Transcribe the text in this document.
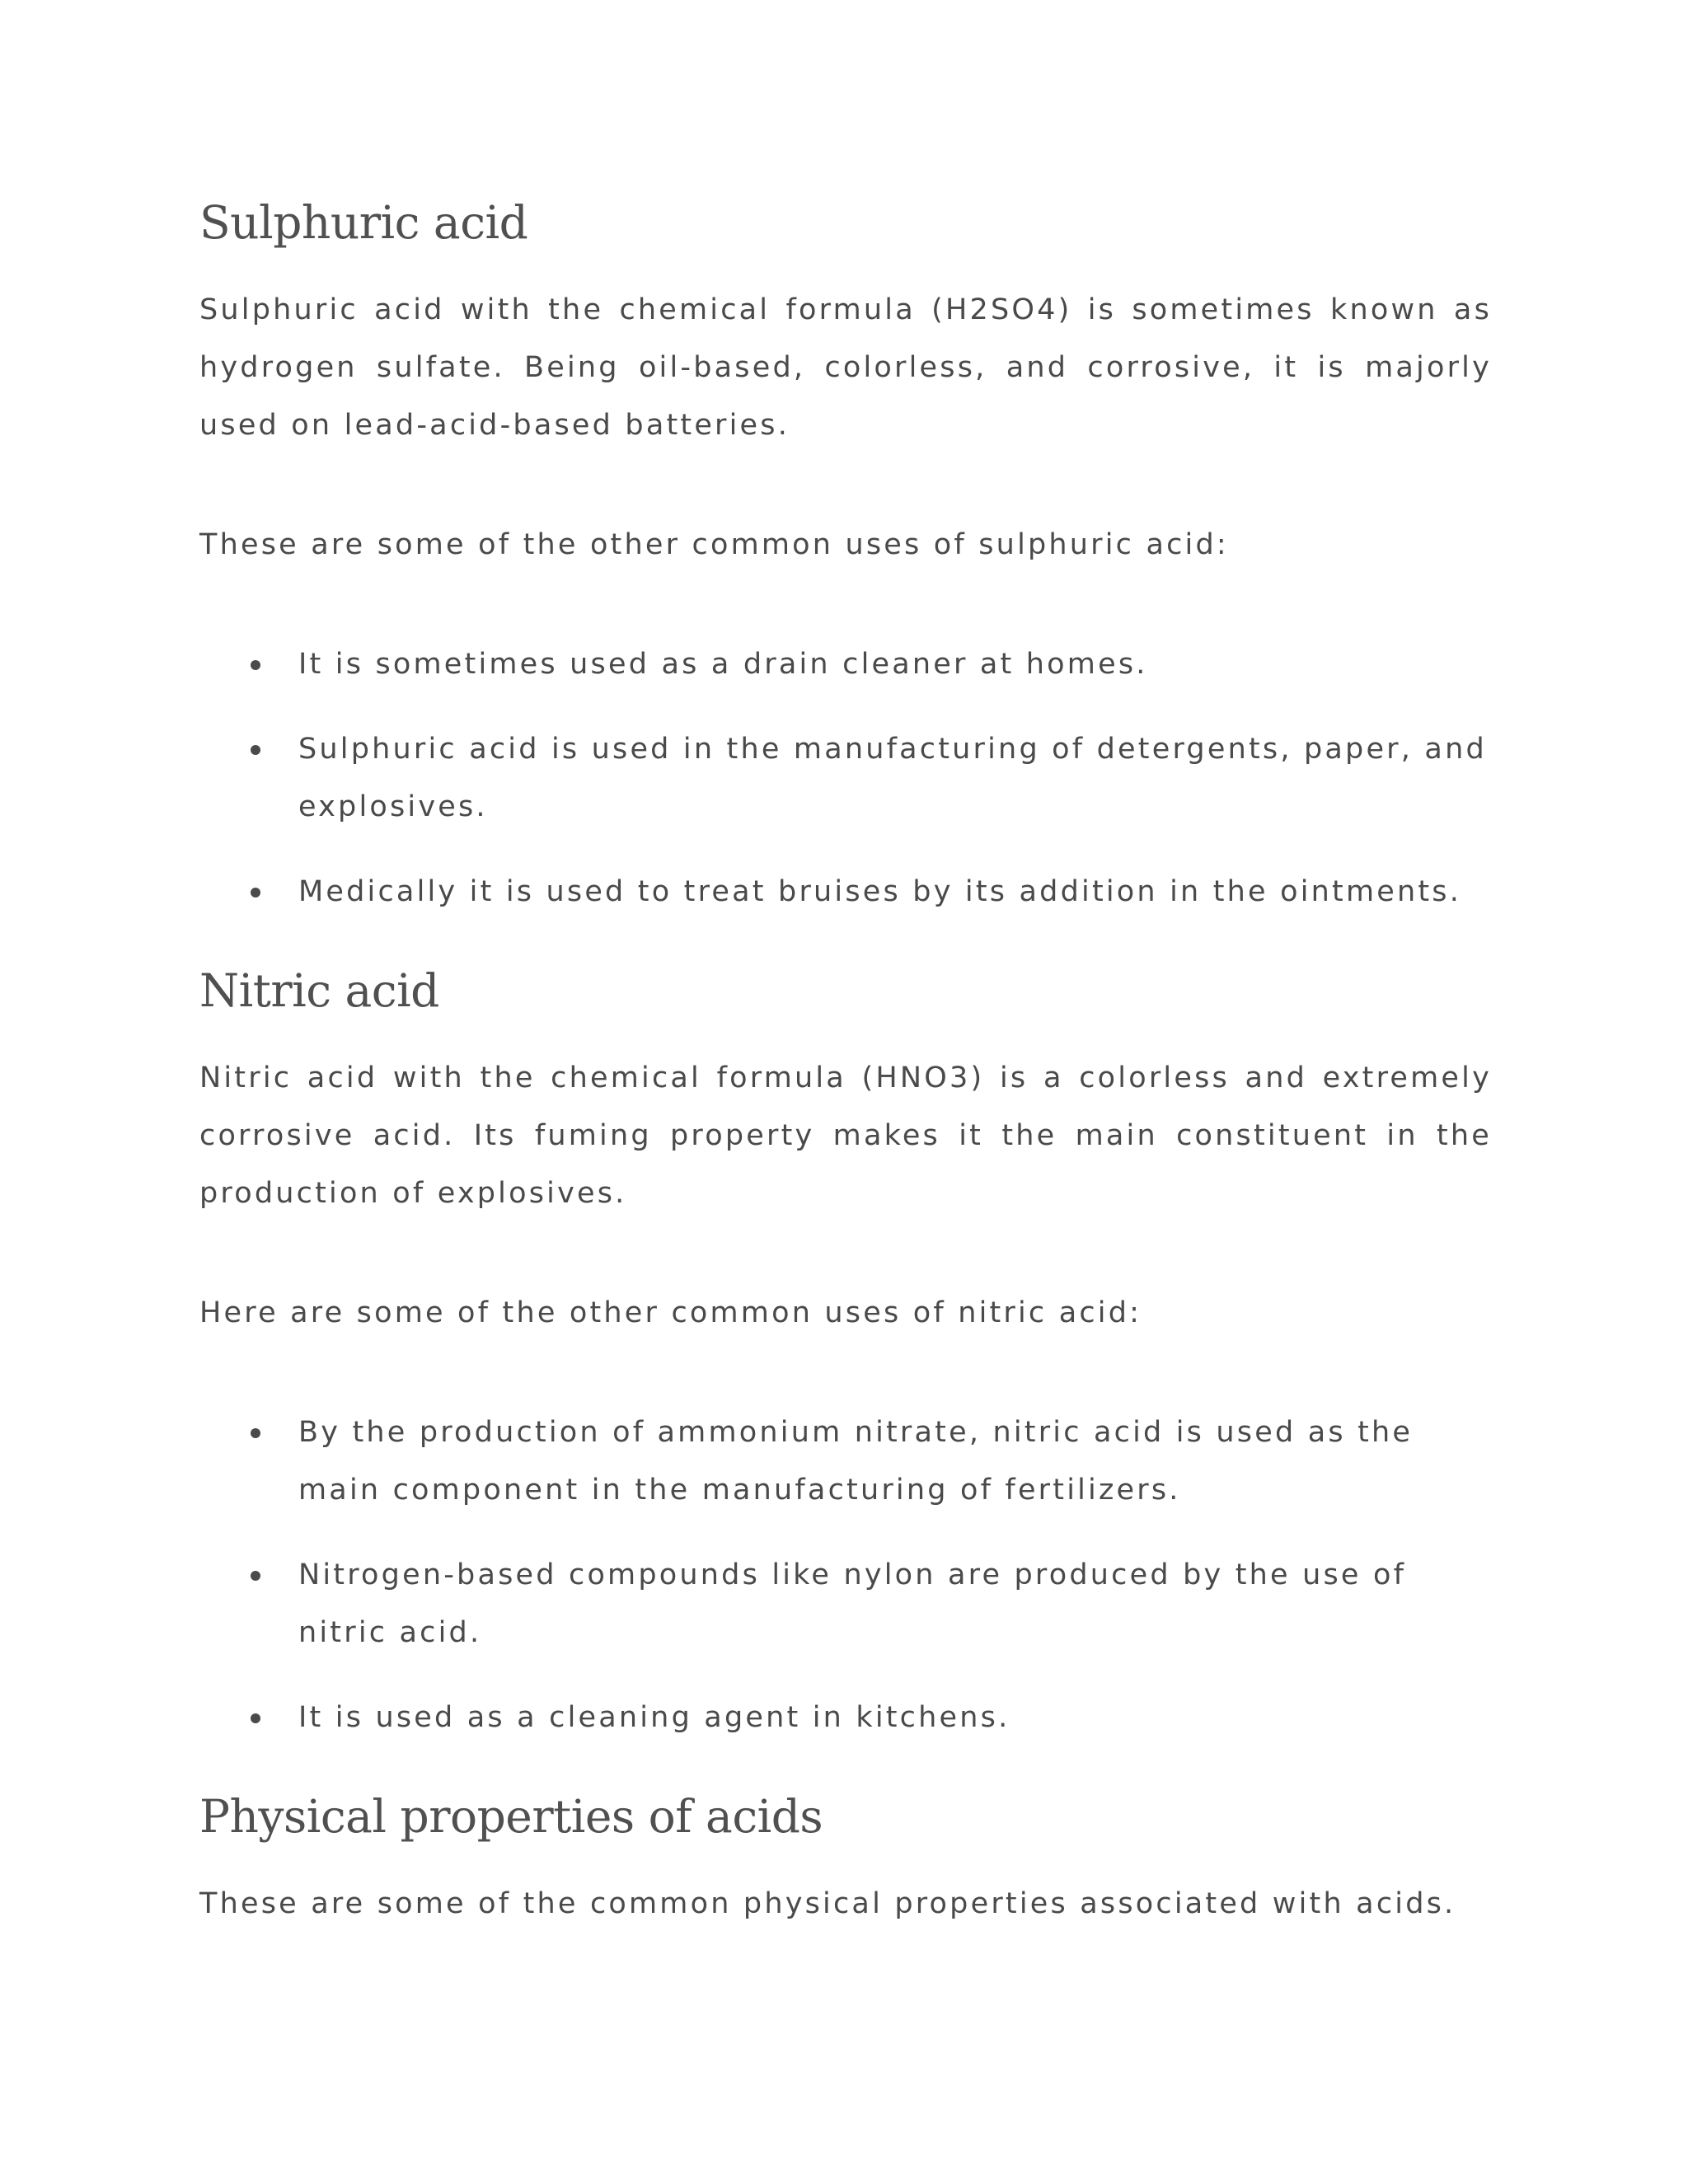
Sulphuric acid

Sulphuric acid with the chemical formula (H2SO4) is sometimes known as hydrogen sulfate. Being oil-based, colorless, and corrosive, it is majorly used on lead-acid-based batteries.

These are some of the other common uses of sulphuric acid:

It is sometimes used as a drain cleaner at homes.
Sulphuric acid is used in the manufacturing of detergents, paper, and explosives.
Medically it is used to treat bruises by its addition in the ointments.
Nitric acid

Nitric acid with the chemical formula (HNO3) is a colorless and extremely corrosive acid. Its fuming property makes it the main constituent in the production of explosives.

Here are some of the other common uses of nitric acid:

By the production of ammonium nitrate, nitric acid is used as the main component in the manufacturing of fertilizers.
Nitrogen-based compounds like nylon are produced by the use of nitric acid.
It is used as a cleaning agent in kitchens.
Physical properties of acids

These are some of the common physical properties associated with acids.
